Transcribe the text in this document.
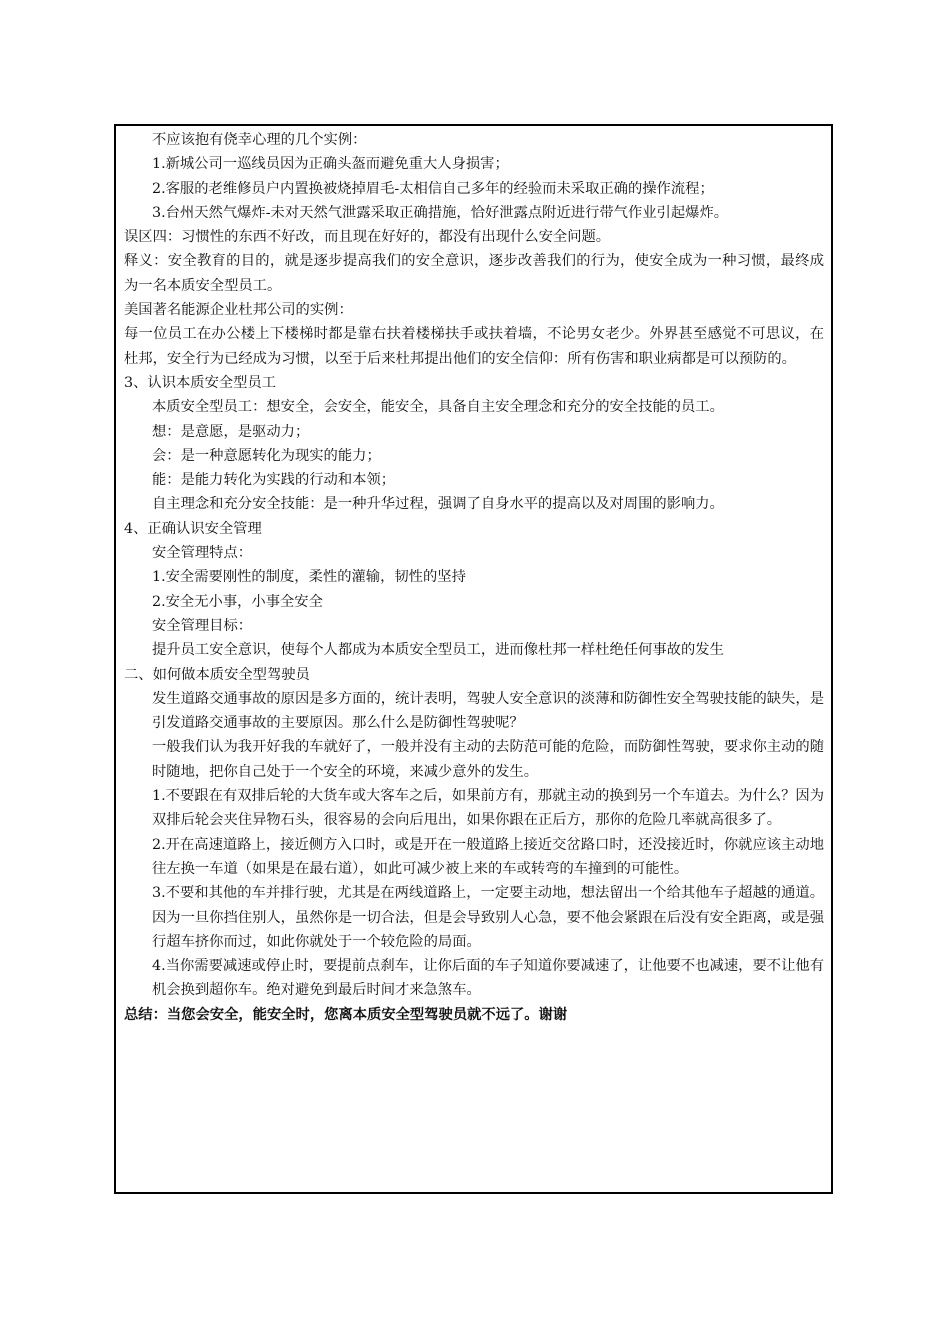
不应该抱有侥幸心理的几个实例：

1.新城公司一巡线员因为正确头盔而避免重大人身损害；

2.客服的老维修员户内置换被烧掉眉毛-太相信自己多年的经验而未采取正确的操作流程；

3.台州天然气爆炸-未对天然气泄露采取正确措施，恰好泄露点附近进行带气作业引起爆炸。

误区四：习惯性的东西不好改，而且现在好好的，都没有出现什么安全问题。

释义：安全教育的目的，就是逐步提高我们的安全意识，逐步改善我们的行为，使安全成为一种习惯，最终成为一名本质安全型员工。

美国著名能源企业杜邦公司的实例：

每一位员工在办公楼上下楼梯时都是靠右扶着楼梯扶手或扶着墙，不论男女老少。外界甚至感觉不可思议，在杜邦，安全行为已经成为习惯，以至于后来杜邦提出他们的安全信仰：所有伤害和职业病都是可以预防的。

3、认识本质安全型员工

本质安全型员工：想安全，会安全，能安全，具备自主安全理念和充分的安全技能的员工。

想：是意愿，是驱动力；

会：是一种意愿转化为现实的能力；

能：是能力转化为实践的行动和本领；

自主理念和充分安全技能：是一种升华过程，强调了自身水平的提高以及对周围的影响力。

4、正确认识安全管理

安全管理特点：

1.安全需要刚性的制度，柔性的灌输，韧性的坚持

2.安全无小事，小事全安全

安全管理目标：

提升员工安全意识，使每个人都成为本质安全型员工，进而像杜邦一样杜绝任何事故的发生

二、如何做本质安全型驾驶员

发生道路交通事故的原因是多方面的，统计表明，驾驶人安全意识的淡薄和防御性安全驾驶技能的缺失，是引发道路交通事故的主要原因。那么什么是防御性驾驶呢？

一般我们认为我开好我的车就好了，一般并没有主动的去防范可能的危险，而防御性驾驶，要求你主动的随时随地，把你自己处于一个安全的环境，来减少意外的发生。

1.不要跟在有双排后轮的大货车或大客车之后，如果前方有，那就主动的换到另一个车道去。为什么？因为双排后轮会夹住异物石头，很容易的会向后甩出，如果你跟在正后方，那你的危险几率就高很多了。

2.开在高速道路上，接近侧方入口时，或是开在一般道路上接近交岔路口时，还没接近时，你就应该主动地往左换一车道（如果是在最右道），如此可减少被上来的车或转弯的车撞到的可能性。

3.不要和其他的车并排行驶，尤其是在两线道路上，一定要主动地，想法留出一个给其他车子超越的通道。因为一旦你挡住别人，虽然你是一切合法，但是会导致别人心急，要不他会紧跟在后没有安全距离，或是强行超车挤你而过，如此你就处于一个较危险的局面。

4.当你需要减速或停止时，要提前点刹车，让你后面的车子知道你要减速了，让他要不也减速，要不让他有机会换到超你车。绝对避免到最后时间才来急煞车。

总结：当您会安全，能安全时，您离本质安全型驾驶员就不远了。谢谢
